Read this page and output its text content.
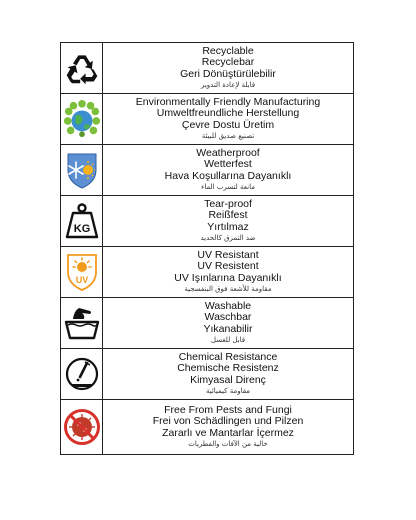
Recyclable
Recyclebar
Geri Dönüştürülebilir
قابلة لإعادة التدوير
Environmentally Friendly Manufacturing
Umweltfreundliche Herstellung
Çevre Dostu Üretim
تصنيع صديق للبيئة
Weatherproof
Wetterfest
Hava Koşullarına Dayanıklı
مانعة لتسرب الماء
KG
Tear-proof
Reißfest
Yırtılmaz
ضد التمزق كالحديد
UV
UV Resistant
UV Resistent
UV Işınlarına Dayanıklı
مقاومة للأشعة فوق البنفسجية
Washable
Waschbar
Yıkanabilir
قابل للغسل
Chemical Resistance
Chemische Resistenz
Kimyasal Direnç
مقاومة كيميائية
Free From Pests and Fungi
Frei von Schädlingen und Pilzen
Zararlı ve Mantarlar İçermez
خالية من الآفات والفطريات
